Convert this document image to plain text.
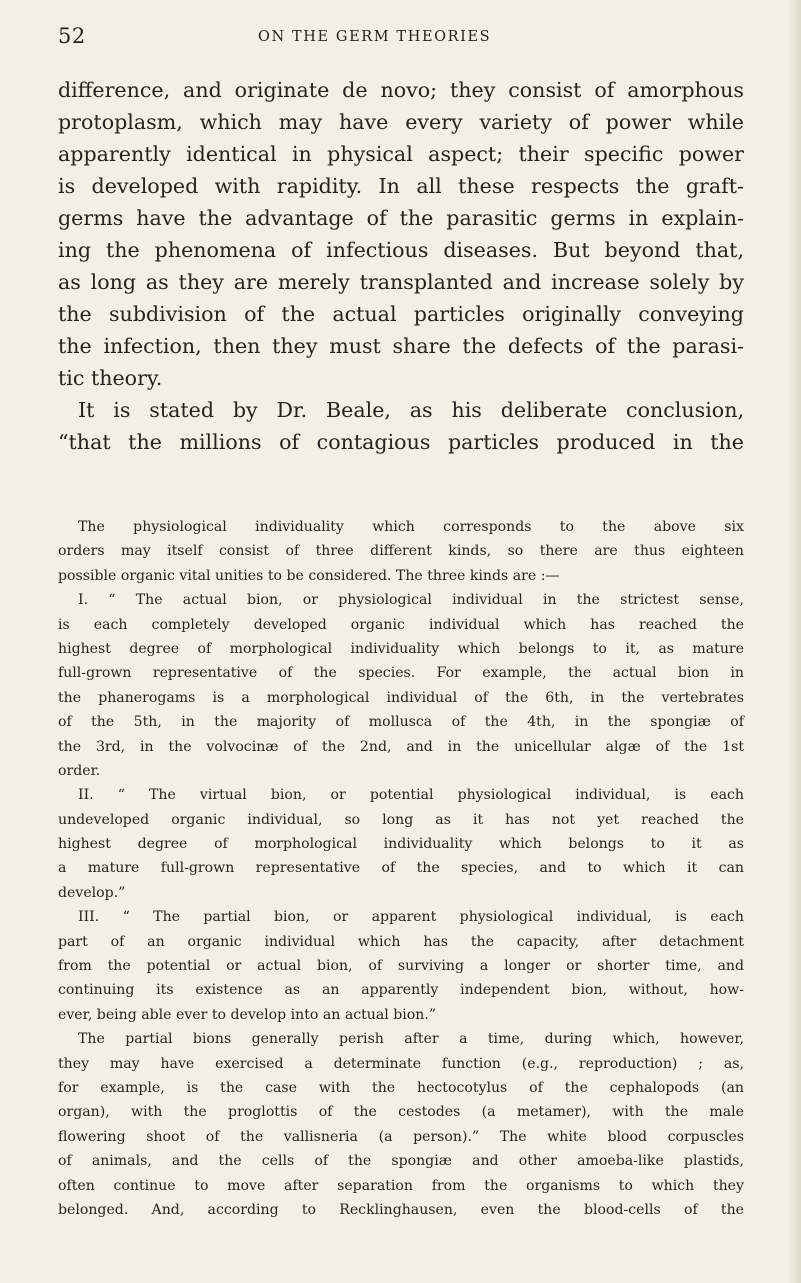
52	ON THE GERM THEORIES
difference, and originate de novo; they consist of amorphous
protoplasm, which may have every variety of power while
apparently identical in physical aspect; their specific power
is developed with rapidity. In all these respects the graft-
germs have the advantage of the parasitic germs in explain-
ing the phenomena of infectious diseases. But beyond that,
as long as they are merely transplanted and increase solely by
the subdivision of the actual particles originally conveying
the infection, then they must share the defects of the parasi-
tic theory.
It is stated by Dr. Beale, as his deliberate conclusion,
“that the millions of contagious particles produced in the
The physiological individuality which corresponds to the above six
orders may itself consist of three different kinds, so there are thus eighteen
possible organic vital unities to be considered. The three kinds are :—
I. “ The actual bion, or physiological individual in the strictest sense,
is each completely developed organic individual which has reached the
highest degree of morphological individuality which belongs to it, as mature
full-grown representative of the species. For example, the actual bion in
the phanerogams is a morphological individual of the 6th, in the vertebrates
of the 5th, in the majority of mollusca of the 4th, in the spongiæ of
the 3rd, in the volvocinæ of the 2nd, and in the unicellular algæ of the 1st
order.
II. “ The virtual bion, or potential physiological individual, is each
undeveloped organic individual, so long as it has not yet reached the
highest degree of morphological individuality which belongs to it as
a mature full-grown representative of the species, and to which it can
develop.”
III. “ The partial bion, or apparent physiological individual, is each
part of an organic individual which has the capacity, after detachment
from the potential or actual bion, of surviving a longer or shorter time, and
continuing its existence as an apparently independent bion, without, how-
ever, being able ever to develop into an actual bion.”
The partial bions generally perish after a time, during which, however,
they may have exercised a determinate function (e.g., reproduction) ; as,
for example, is the case with the hectocotylus of the cephalopods (an
organ), with the proglottis of the cestodes (a metamer), with the male
flowering shoot of the vallisneria (a person).” The white blood corpuscles
of animals, and the cells of the spongiæ and other amoeba-like plastids,
often continue to move after separation from the organisms to which they
belonged. And, according to Recklinghausen, even the blood-cells of the
